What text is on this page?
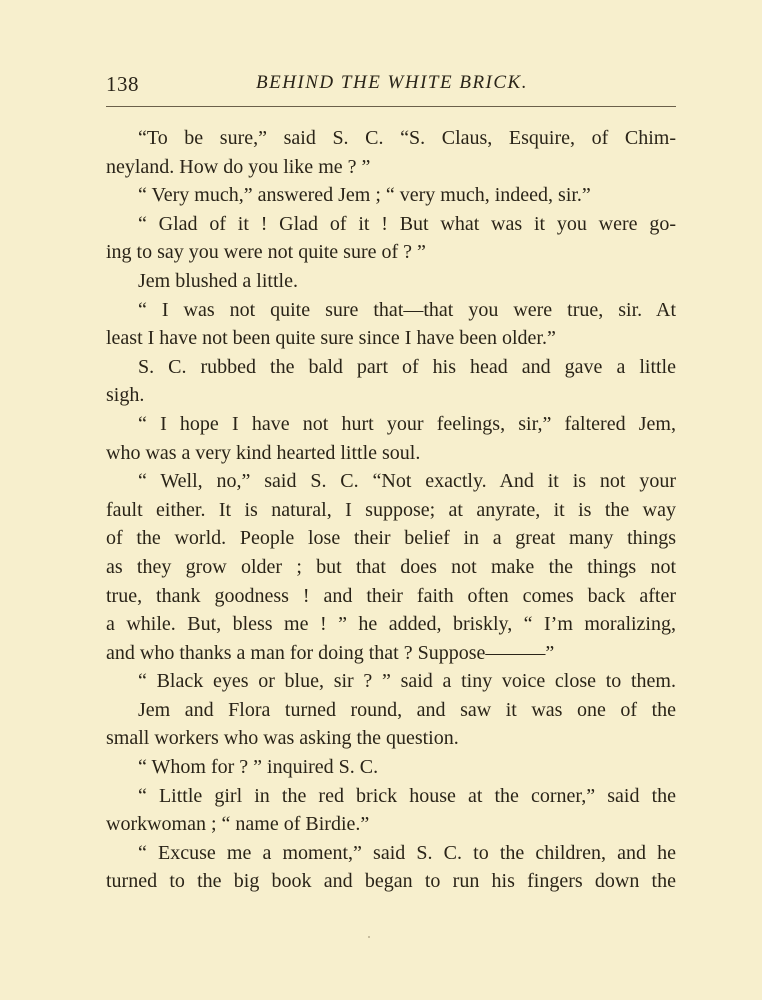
138	BEHIND THE WHITE BRICK.
“To be sure,” said S. C. “S. Claus, Esquire, of Chim-
neyland. How do you like me ? ”
“ Very much,” answered Jem ; “ very much, indeed, sir.”
“ Glad of it ! Glad of it ! But what was it you were go-
ing to say you were not quite sure of ? ”
Jem blushed a little.
“ I was not quite sure that—that you were true, sir. At
least I have not been quite sure since I have been older.”
S. C. rubbed the bald part of his head and gave a little
sigh.
“ I hope I have not hurt your feelings, sir,” faltered Jem,
who was a very kind hearted little soul.
“ Well, no,” said S. C. “Not exactly. And it is not your
fault either. It is natural, I suppose; at anyrate, it is the way
of the world. People lose their belief in a great many things
as they grow older ; but that does not make the things not
true, thank goodness ! and their faith often comes back after
a while. But, bless me ! ” he added, briskly, “ I’m moralizing,
and who thanks a man for doing that ? Suppose———”
“ Black eyes or blue, sir ? ” said a tiny voice close to them.
Jem and Flora turned round, and saw it was one of the
small workers who was asking the question.
“ Whom for ? ” inquired S. C.
“ Little girl in the red brick house at the corner,” said the
workwoman ; “ name of Birdie.”
“ Excuse me a moment,” said S. C. to the children, and he
turned to the big book and began to run his fingers down the
